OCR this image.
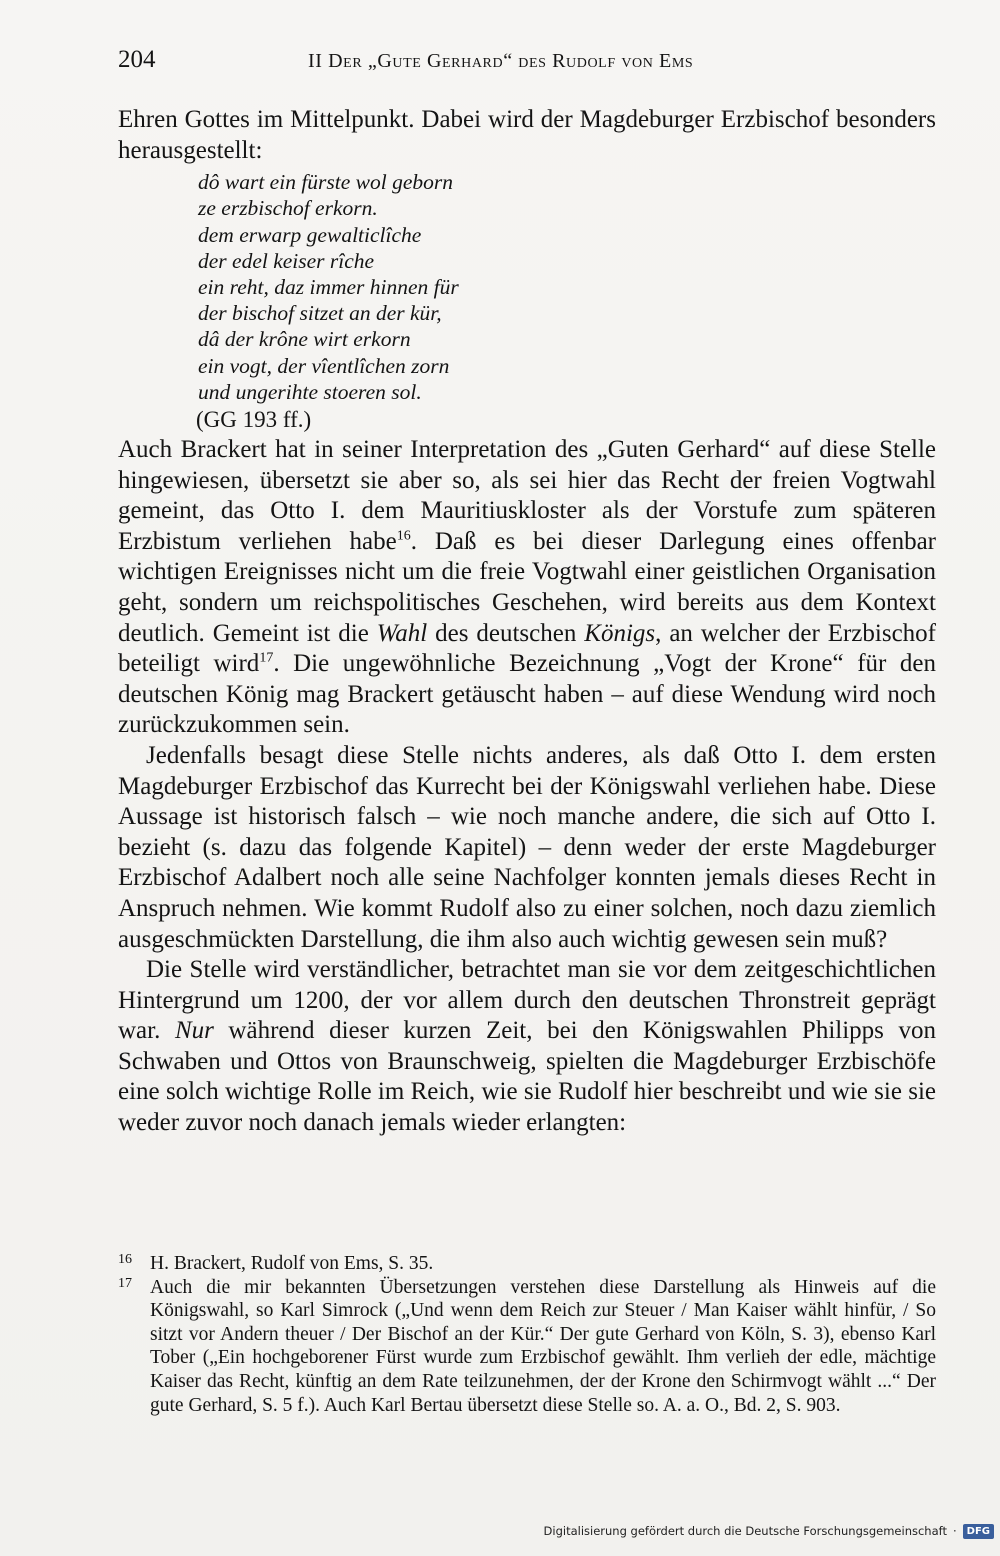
204	II Der „Gute Gerhard“ des Rudolf von Ems

Ehren Gottes im Mittelpunkt. Dabei wird der Magdeburger Erzbischof besonders herausgestellt:

dô wart ein fürste wol geborn
ze erzbischof erkorn.
dem erwarp gewalticlîche
der edel keiser rîche
ein reht, daz immer hinnen für
der bischof sitzet an der kür,
dâ der krône wirt erkorn
ein vogt, der vîentlîchen zorn
und ungerihte stoeren sol.
(GG 193 ff.)

Auch Brackert hat in seiner Interpretation des „Guten Gerhard“ auf diese Stelle hingewiesen, übersetzt sie aber so, als sei hier das Recht der freien Vogtwahl gemeint, das Otto I. dem Mauritiuskloster als der Vorstufe zum späteren Erzbistum verliehen habe$^{16}$. Daß es bei dieser Darlegung eines offenbar wichtigen Ereignisses nicht um die freie Vogtwahl einer geistlichen Organisation geht, sondern um reichspolitisches Geschehen, wird bereits aus dem Kontext deutlich. Gemeint ist die Wahl des deutschen Königs, an welcher der Erzbischof beteiligt wird$^{17}$. Die ungewöhnliche Bezeichnung „Vogt der Krone“ für den deutschen König mag Brackert getäuscht haben – auf diese Wendung wird noch zurückzukommen sein.

Jedenfalls besagt diese Stelle nichts anderes, als daß Otto I. dem ersten Magdeburger Erzbischof das Kurrecht bei der Königswahl verliehen habe. Diese Aussage ist historisch falsch – wie noch manche andere, die sich auf Otto I. bezieht (s. dazu das folgende Kapitel) – denn weder der erste Magdeburger Erzbischof Adalbert noch alle seine Nachfolger konnten jemals dieses Recht in Anspruch nehmen. Wie kommt Rudolf also zu einer solchen, noch dazu ziemlich ausgeschmückten Darstellung, die ihm also auch wichtig gewesen sein muß?

Die Stelle wird verständlicher, betrachtet man sie vor dem zeitgeschichtlichen Hintergrund um 1200, der vor allem durch den deutschen Thronstreit geprägt war. Nur während dieser kurzen Zeit, bei den Königswahlen Philipps von Schwaben und Ottos von Braunschweig, spielten die Magdeburger Erzbischöfe eine solch wichtige Rolle im Reich, wie sie Rudolf hier beschreibt und wie sie sie weder zuvor noch danach jemals wieder erlangten:

16 H. Brackert, Rudolf von Ems, S. 35.

17 Auch die mir bekannten Übersetzungen verstehen diese Darstellung als Hinweis auf die Königswahl, so Karl Simrock („Und wenn dem Reich zur Steuer / Man Kaiser wählt hinfür, / So sitzt vor Andern theuer / Der Bischof an der Kür.“ Der gute Gerhard von Köln, S. 3), ebenso Karl Tober („Ein hochgeborener Fürst wurde zum Erzbischof gewählt. Ihm verlieh der edle, mächtige Kaiser das Recht, künftig an dem Rate teilzunehmen, der der Krone den Schirmvogt wählt ...“ Der gute Gerhard, S. 5 f.). Auch Karl Bertau übersetzt diese Stelle so. A. a. O., Bd. 2, S. 903.

Digitalisierung gefördert durch die Deutsche Forschungsgemeinschaft ·	DFG
